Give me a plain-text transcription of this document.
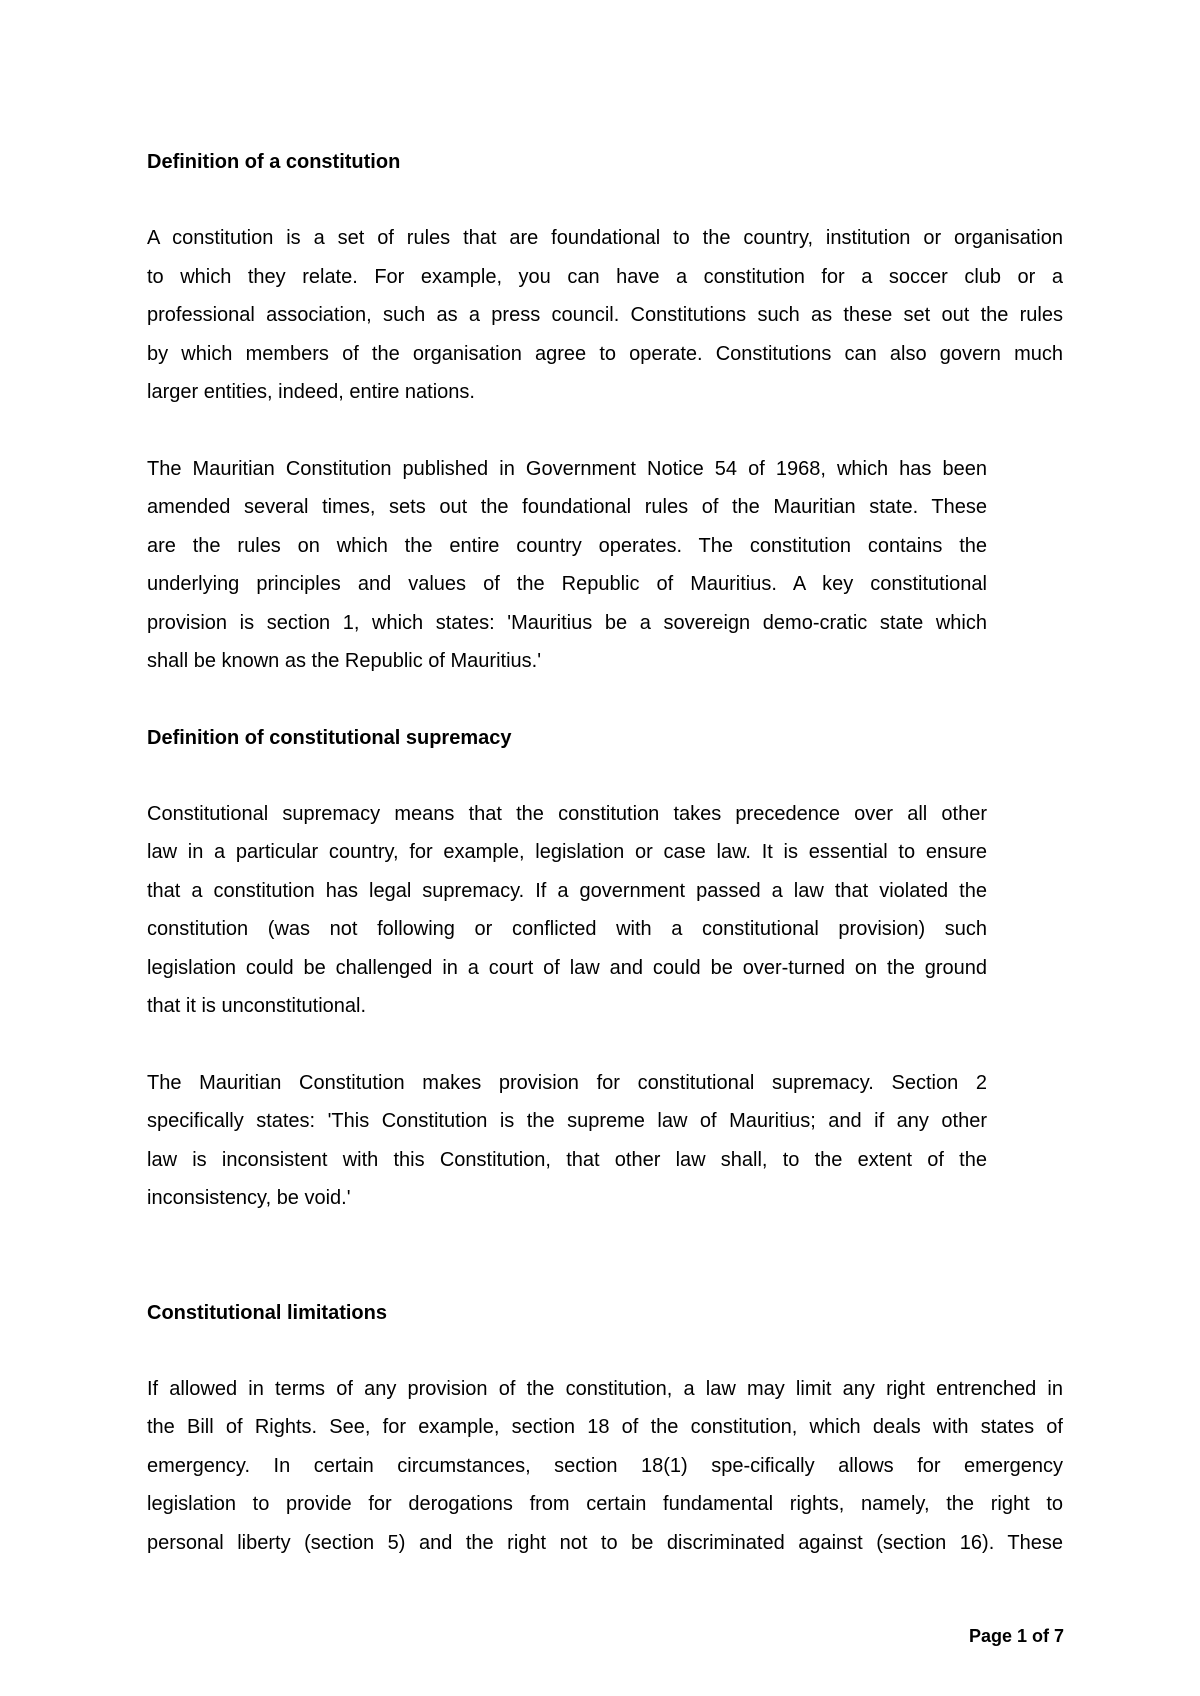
Definition of a constitution

A constitution is a set of rules that are foundational to the country, institution or organisation
to which they relate. For example, you can have a constitution for a soccer club or a
professional association, such as a press council. Constitutions such as these set out the rules
by which members of the organisation agree to operate. Constitutions can also govern much
larger entities, indeed, entire nations.

The Mauritian Constitution published in Government Notice 54 of 1968, which has been
amended several times, sets out the foundational rules of the Mauritian state. These
are the rules on which the entire country operates. The constitution contains the
underlying principles and values of the Republic of Mauritius. A key constitutional
provision is section 1, which states: 'Mauritius be a sovereign demo-cratic state which
shall be known as the Republic of Mauritius.'

Definition of constitutional supremacy

Constitutional supremacy means that the constitution takes precedence over all other
law in a particular country, for example, legislation or case law. It is essential to ensure
that a constitution has legal supremacy. If a government passed a law that violated the
constitution (was not following or conflicted with a constitutional provision) such
legislation could be challenged in a court of law and could be over-turned on the ground
that it is unconstitutional.

The Mauritian Constitution makes provision for constitutional supremacy. Section 2
specifically states: 'This Constitution is the supreme law of Mauritius; and if any other
law is inconsistent with this Constitution, that other law shall, to the extent of the
inconsistency, be void.'

Constitutional limitations

If allowed in terms of any provision of the constitution, a law may limit any right entrenched in
the Bill of Rights. See, for example, section 18 of the constitution, which deals with states of
emergency. In certain circumstances, section 18(1) spe-cifically allows for emergency
legislation to provide for derogations from certain fundamental rights, namely, the right to
personal liberty (section 5) and the right not to be discriminated against (section 16). These

Page 1 of 7
